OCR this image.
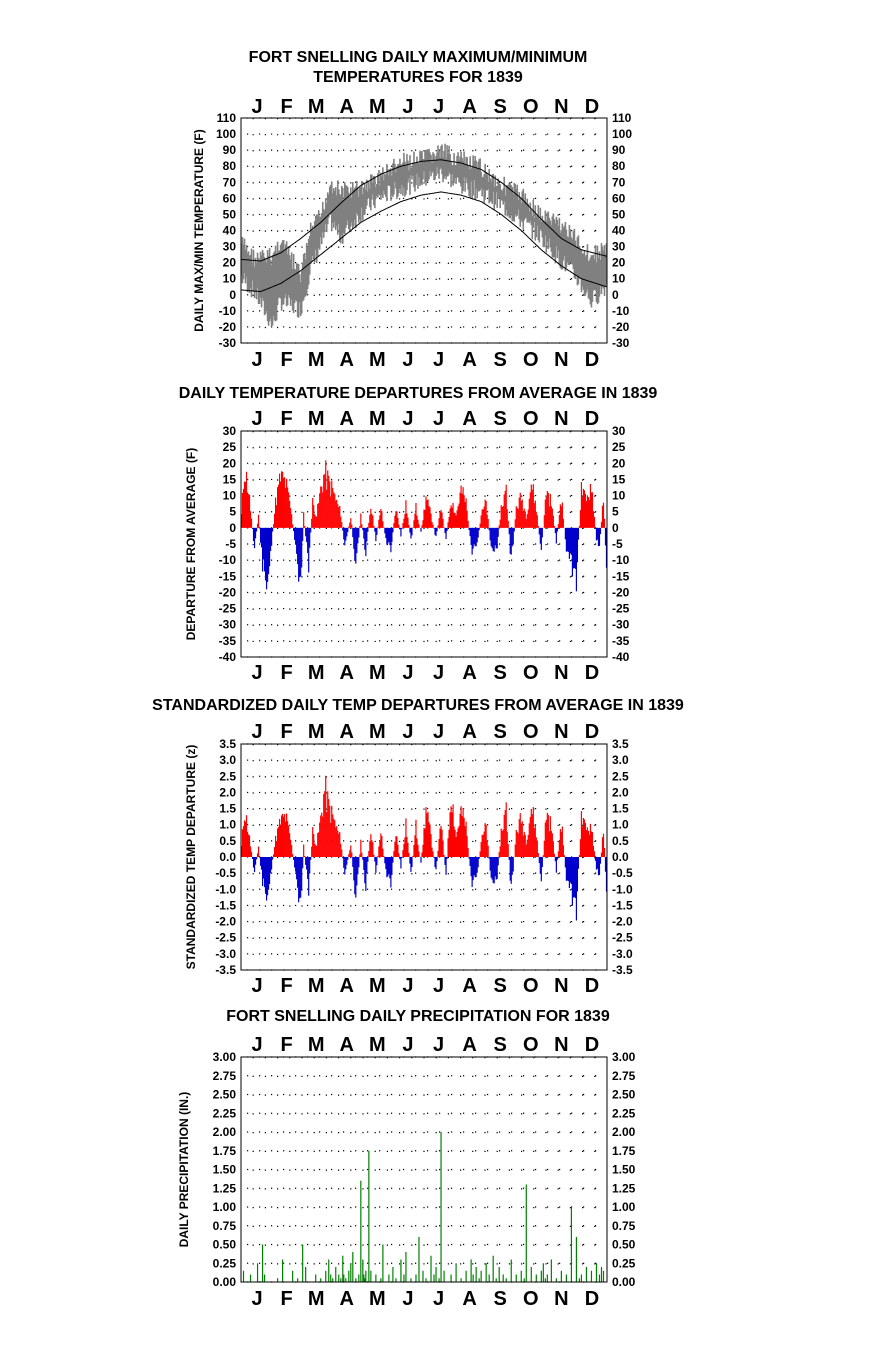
FORT SNELLING DAILY MAXIMUM/MINIMUM
TEMPERATURES FOR 1839
J
J
F
F
M
M
A
A
M
M
J
J
J
J
A
A
S
S
O
O
N
N
D
D
110	110
100	100
90	90
80	80
70	70
60	60
50	50
40	40
30	30
20	20
10	10
0	0
-10	-10
-20	-20
-30	-30
DAILY MAX/MIN TEMPERATURE (F)
DAILY TEMPERATURE DEPARTURES FROM AVERAGE IN 1839
J
J
F
F
M
M
A
A
M
M
J
J
J
J
A
A
S
S
O
O
N
N
D
D
30	30
25	25
20	20
15	15
10	10
5	5
0	0
-5	-5
-10	-10
-15	-15
-20	-20
-25	-25
-30	-30
-35	-35
-40	-40
DEPARTURE FROM AVERAGE (F)
STANDARDIZED DAILY TEMP DEPARTURES FROM AVERAGE IN 1839
J
J
F
F
M
M
A
A
M
M
J
J
J
J
A
A
S
S
O
O
N
N
D
D
3.5	3.5
3.0	3.0
2.5	2.5
2.0	2.0
1.5	1.5
1.0	1.0
0.5	0.5
0.0	0.0
-0.5	-0.5
-1.0	-1.0
-1.5	-1.5
-2.0	-2.0
-2.5	-2.5
-3.0	-3.0
-3.5	-3.5
STANDARDIZED TEMP DEPARTURE (z)
FORT SNELLING DAILY PRECIPITATION FOR 1839
J
J
F
F
M
M
A
A
M
M
J
J
J
J
A
A
S
S
O
O
N
N
D
D
3.00	3.00
2.75	2.75
2.50	2.50
2.25	2.25
2.00	2.00
1.75	1.75
1.50	1.50
1.25	1.25
1.00	1.00
0.75	0.75
0.50	0.50
0.25	0.25
0.00	0.00
DAILY PRECIPITATION (IN.)
